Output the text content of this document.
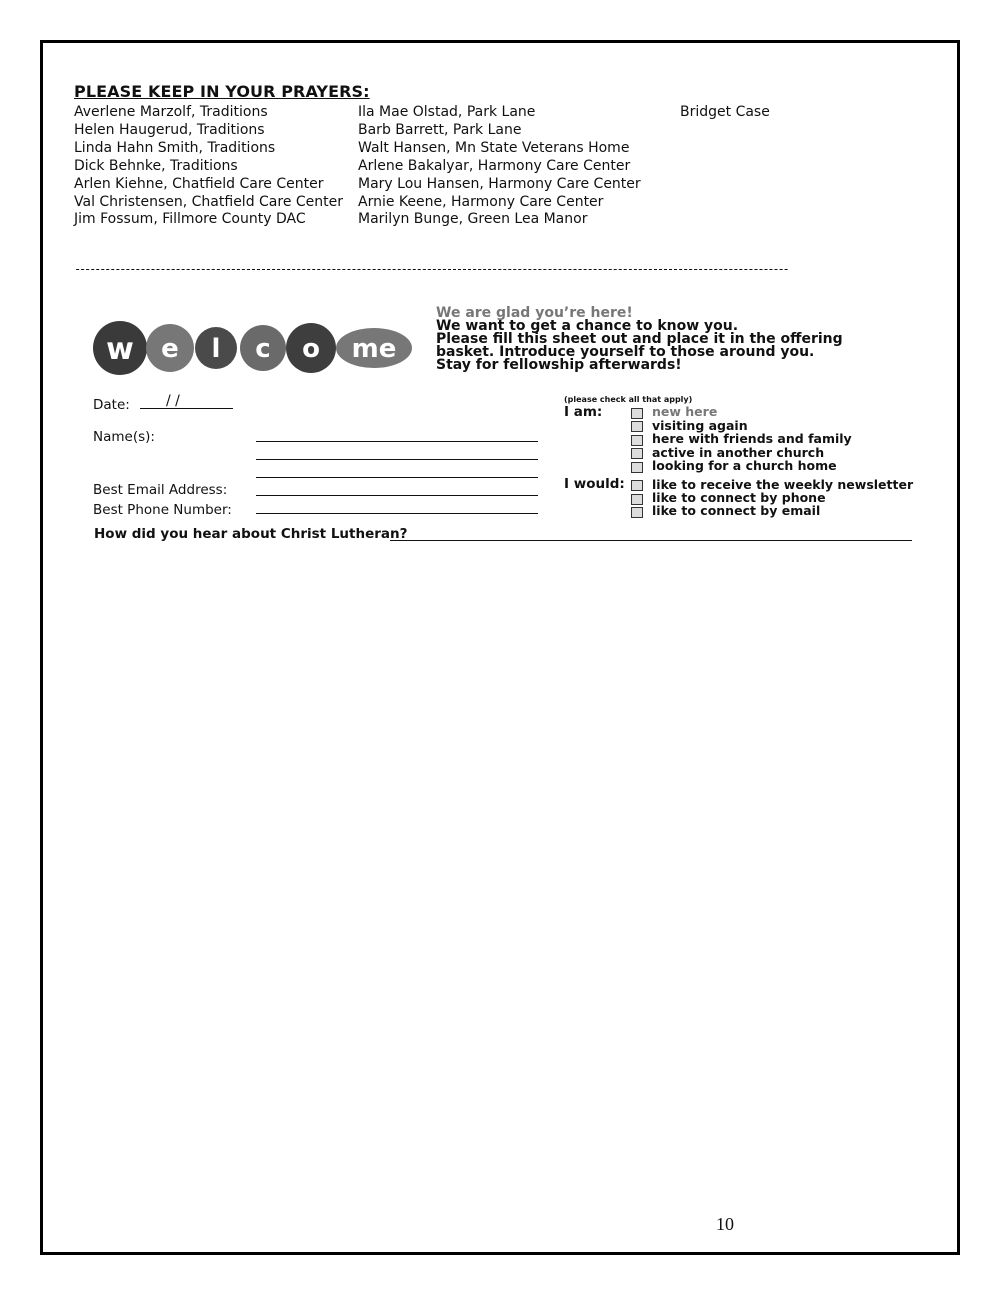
PLEASE KEEP IN YOUR PRAYERS:
Averlene Marzolf, Traditions
Helen Haugerud, Traditions
Linda Hahn Smith, Traditions
Dick Behnke, Traditions
Arlen Kiehne, Chatfield Care Center
Val Christensen, Chatfield Care Center
Jim Fossum, Fillmore County DAC
Ila Mae Olstad, Park Lane
Barb Barrett, Park Lane
Walt Hansen, Mn State Veterans Home
Arlene Bakalyar, Harmony Care Center
Mary Lou Hansen, Harmony Care Center
Arnie Keene, Harmony Care Center
Marilyn Bunge, Green Lea Manor
Bridget Case
----------------------------------------------------------------------------------------------------------------------------------------------
w e l c o me
We are glad you’re here!
We want to get a chance to know you.
Please fill this sheet out and place it in the offering
basket. Introduce yourself to those around you.
Stay for fellowship afterwards!
Date:	/ /
Name(s):
Best Email Address:
Best Phone Number:
How did you hear about Christ Lutheran?
(please check all that apply)
I am:	new here
visiting again
here with friends and family
active in another church
looking for a church home
I would: like to receive the weekly newsletter
like to connect by phone
like to connect by email
10
